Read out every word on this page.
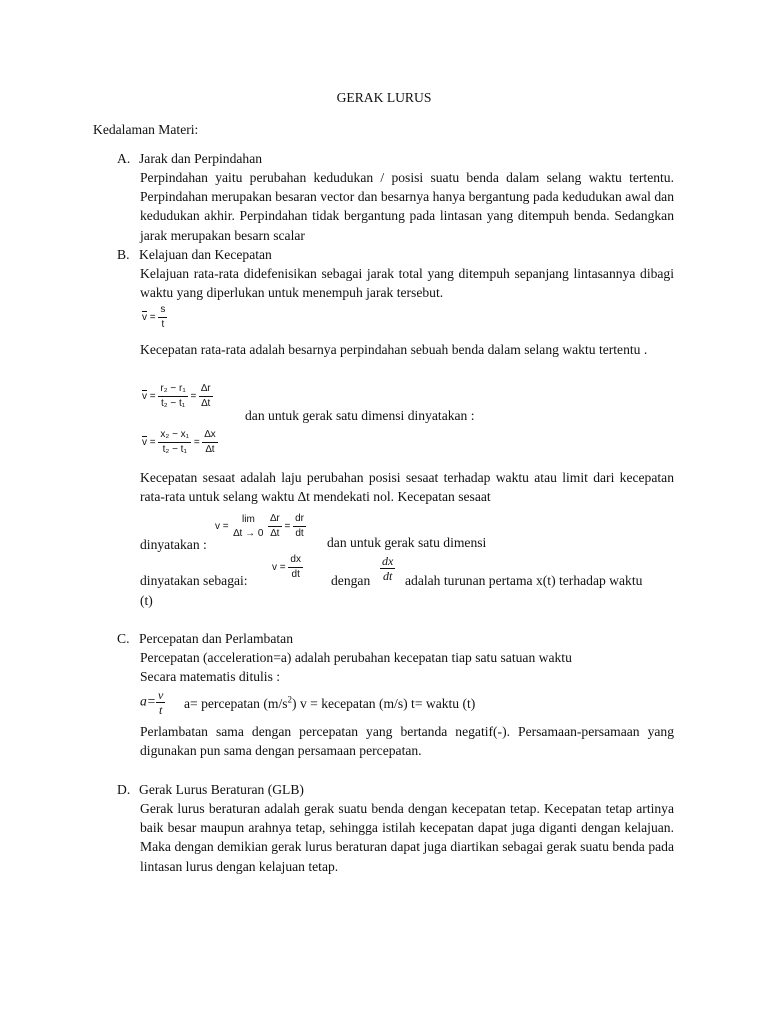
GERAK LURUS
Kedalaman Materi:
A. Jarak dan Perpindahan
Perpindahan yaitu perubahan kedudukan / posisi suatu benda dalam selang waktu tertentu. Perpindahan merupakan besaran vector dan besarnya hanya bergantung pada kedudukan awal dan kedudukan akhir. Perpindahan tidak bergantung pada lintasan yang ditempuh benda. Sedangkan jarak merupakan besarn scalar
B. Kelajuan dan Kecepatan
Kelajuan rata-rata didefenisikan sebagai jarak total yang ditempuh sepanjang lintasannya dibagi waktu yang diperlukan untuk menempuh jarak tersebut.
$\overline{v} = \frac{s}{t}$
Kecepatan rata-rata adalah besarnya perpindahan sebuah benda dalam selang waktu tertentu .
$\overline{v} = \frac{\text{r₂ − r₁}}{\text{t₂ − t₁}} = \frac{\Delta r}{\Delta t}$
dan untuk gerak satu dimensi dinyatakan :
$\overline{v} = \frac{\text{x₂ − x₁}}{\text{t₂ − t₁}} = \frac{\Delta x}{\Delta t}$
Kecepatan sesaat adalah laju perubahan posisi sesaat terhadap waktu atau limit dari kecepatan rata-rata untuk selang waktu ∆t mendekati nol. Kecepatan sesaat
v =
lim
∆t → 0
$\frac{\Delta r}{\Delta t} = \frac{dr}{dt}$
dinyatakan :	dan untuk gerak satu dimensi
$v = \frac{dx}{dt}$
dinyatakan sebagai:	dengan $\frac{dx}{dt}$ adalah turunan pertama x(t) terhadap waktu
(t)
C. Percepatan dan Perlambatan
Percepatan (acceleration=a) adalah perubahan kecepatan tiap satu satuan waktu
Secara matematis ditulis :
$a= \frac{v}{t} a=$ percepatan $(m/s^2) v$ = kecepatan (m/s) t= waktu (t)
Perlambatan sama dengan percepatan yang bertanda negatif(-). Persamaan-persamaan yang digunakan pun sama dengan persamaan percepatan.
D. Gerak Lurus Beraturan (GLB)
Gerak lurus beraturan adalah gerak suatu benda dengan kecepatan tetap. Kecepatan tetap artinya baik besar maupun arahnya tetap, sehingga istilah kecepatan dapat juga diganti dengan kelajuan. Maka dengan demikian gerak lurus beraturan dapat juga diartikan sebagai gerak suatu benda pada lintasan lurus dengan kelajuan tetap.
